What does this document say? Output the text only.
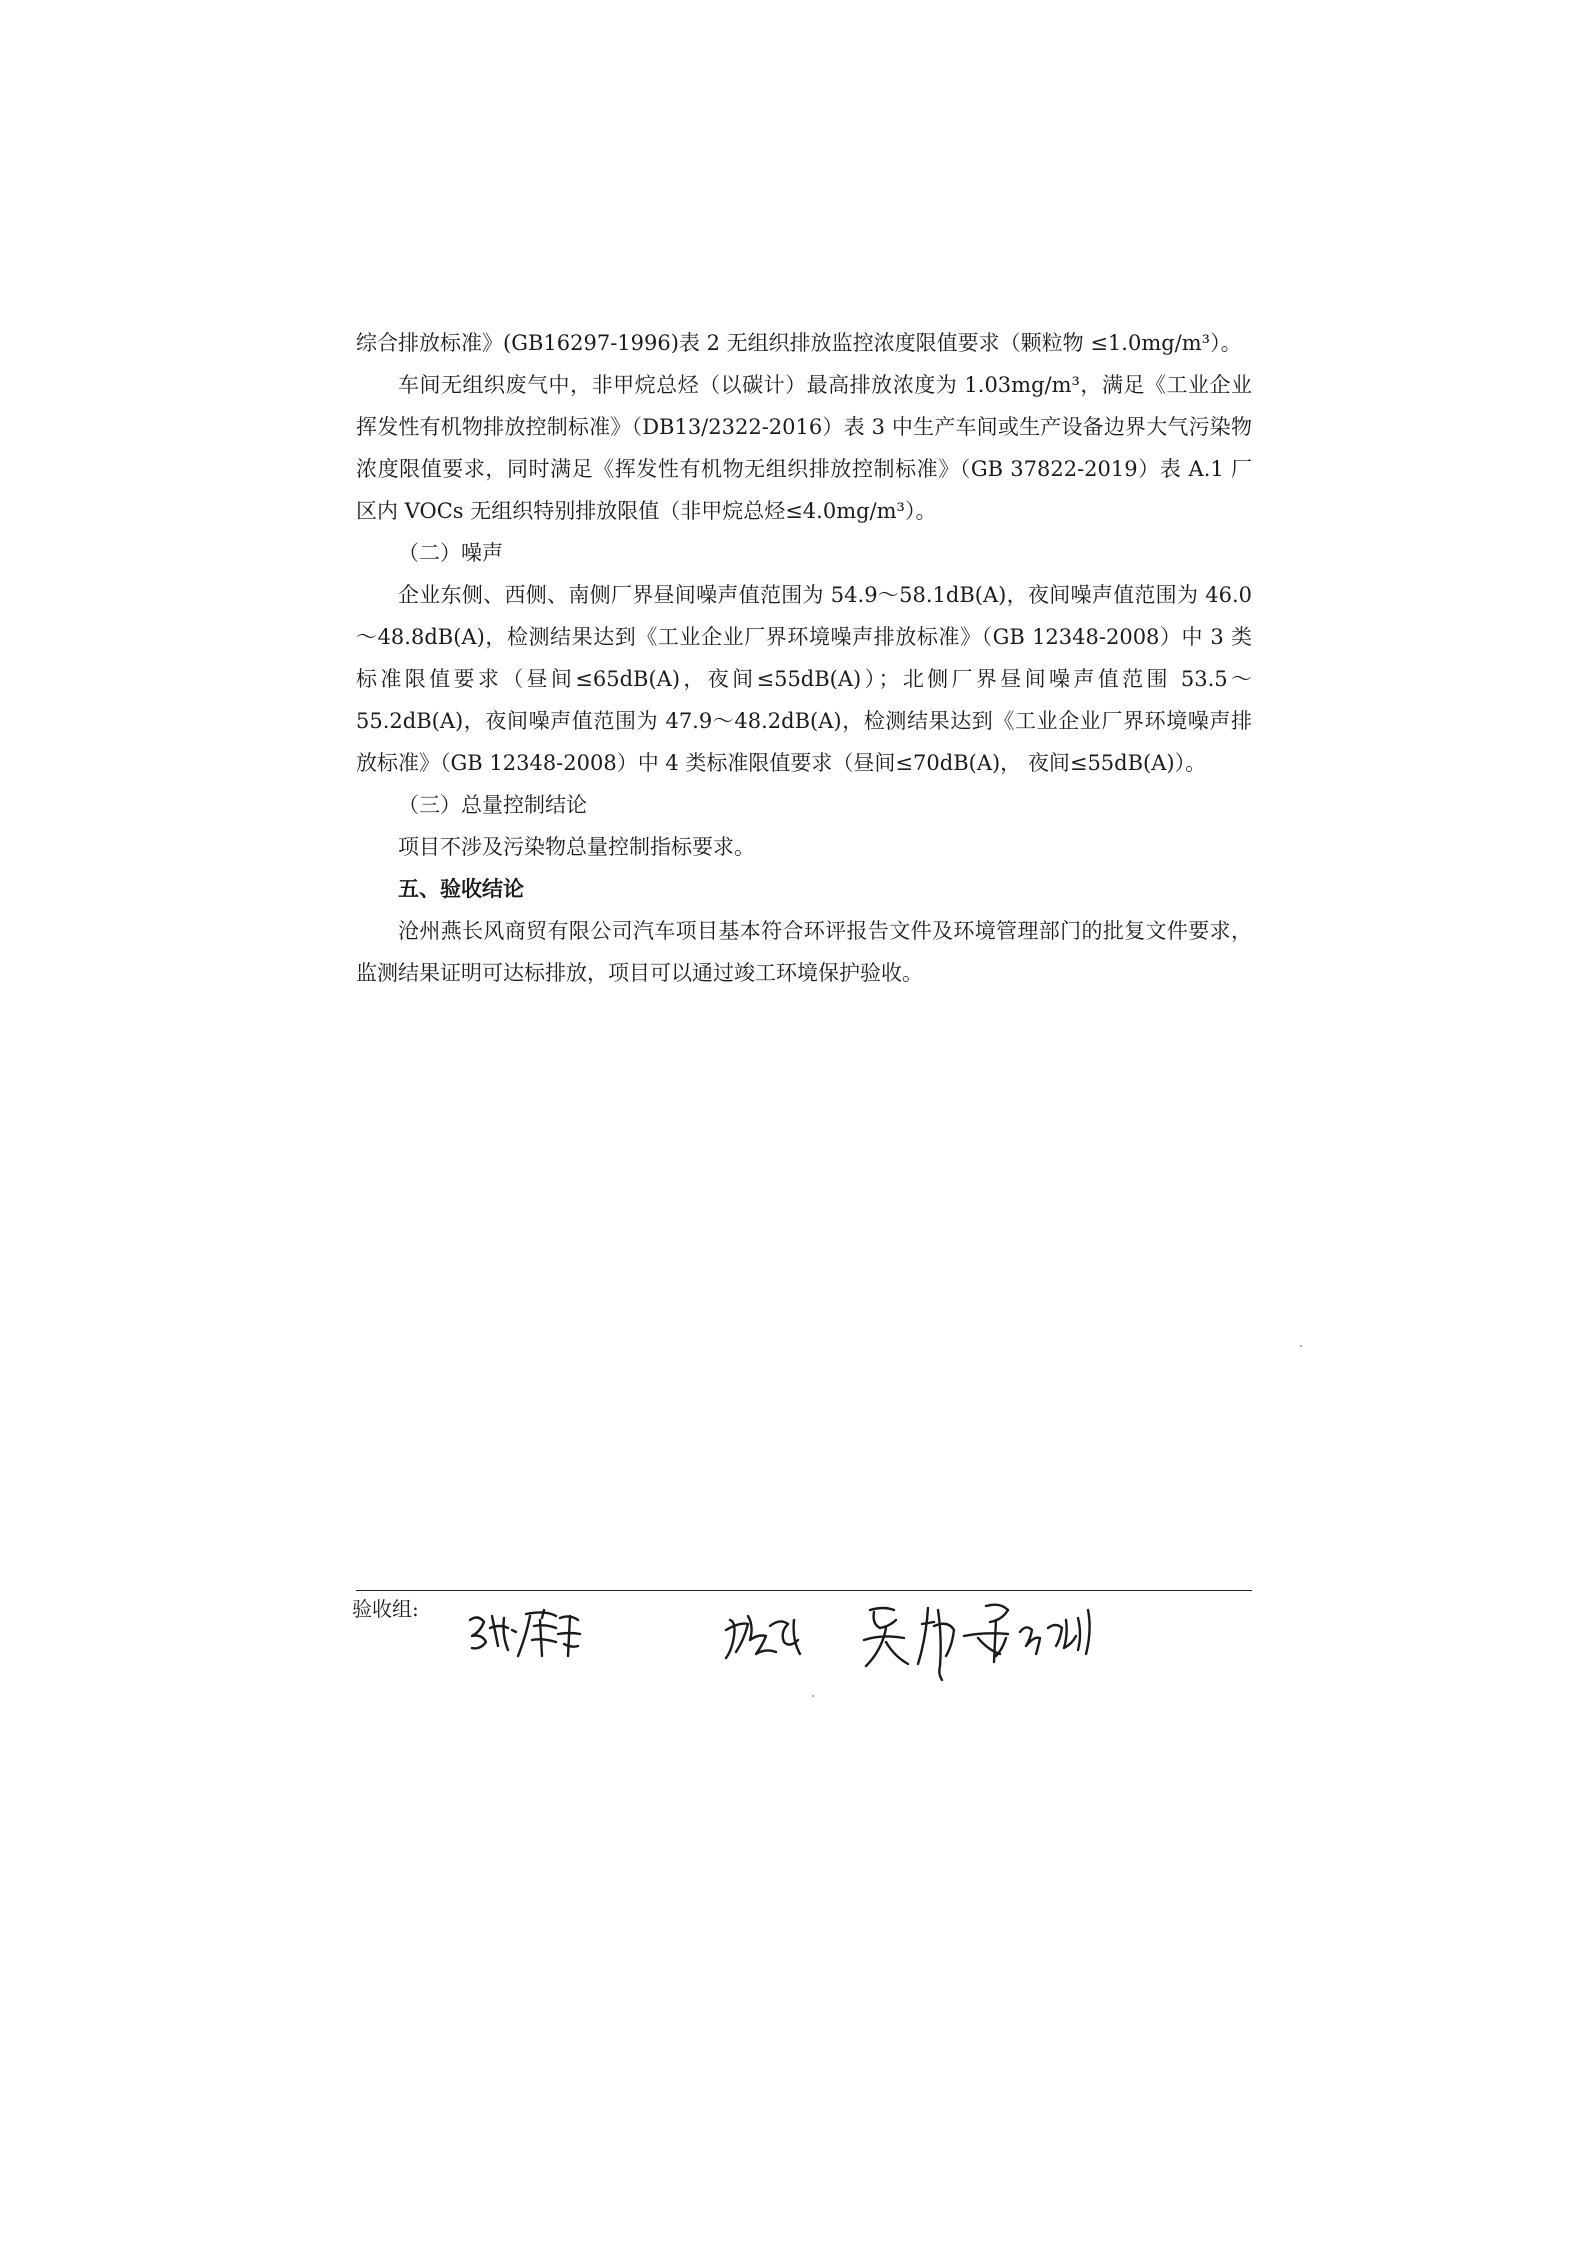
综合排放标准》(GB16297-1996)表 2 无组织排放监控浓度限值要求（颗粒物 ≤1.0mg/m³）。

车间无组织废气中，非甲烷总烃（以碳计）最高排放浓度为 1.03mg/m³，满足《工业企业挥发性有机物排放控制标准》（DB13/2322-2016）表 3 中生产车间或生产设备边界大气污染物浓度限值要求，同时满足《挥发性有机物无组织排放控制标准》（GB 37822-2019）表 A.1 厂区内 VOCs 无组织特别排放限值（非甲烷总烃≤4.0mg/m³）。

（二）噪声

企业东侧、西侧、南侧厂界昼间噪声值范围为 54.9～58.1dB(A)，夜间噪声值范围为 46.0～48.8dB(A)，检测结果达到《工业企业厂界环境噪声排放标准》（GB 12348-2008）中 3 类标准限值要求（昼间≤65dB(A)，夜间≤55dB(A)）；北侧厂界昼间噪声值范围 53.5～55.2dB(A)，夜间噪声值范围为 47.9～48.2dB(A)，检测结果达到《工业企业厂界环境噪声排放标准》（GB 12348-2008）中 4 类标准限值要求（昼间≤70dB(A)， 夜间≤55dB(A)）。

（三）总量控制结论

项目不涉及污染物总量控制指标要求。

五、验收结论

沧州燕长风商贸有限公司汽车项目基本符合环评报告文件及环境管理部门的批复文件要求，监测结果证明可达标排放，项目可以通过竣工环境保护验收。

验收组:
